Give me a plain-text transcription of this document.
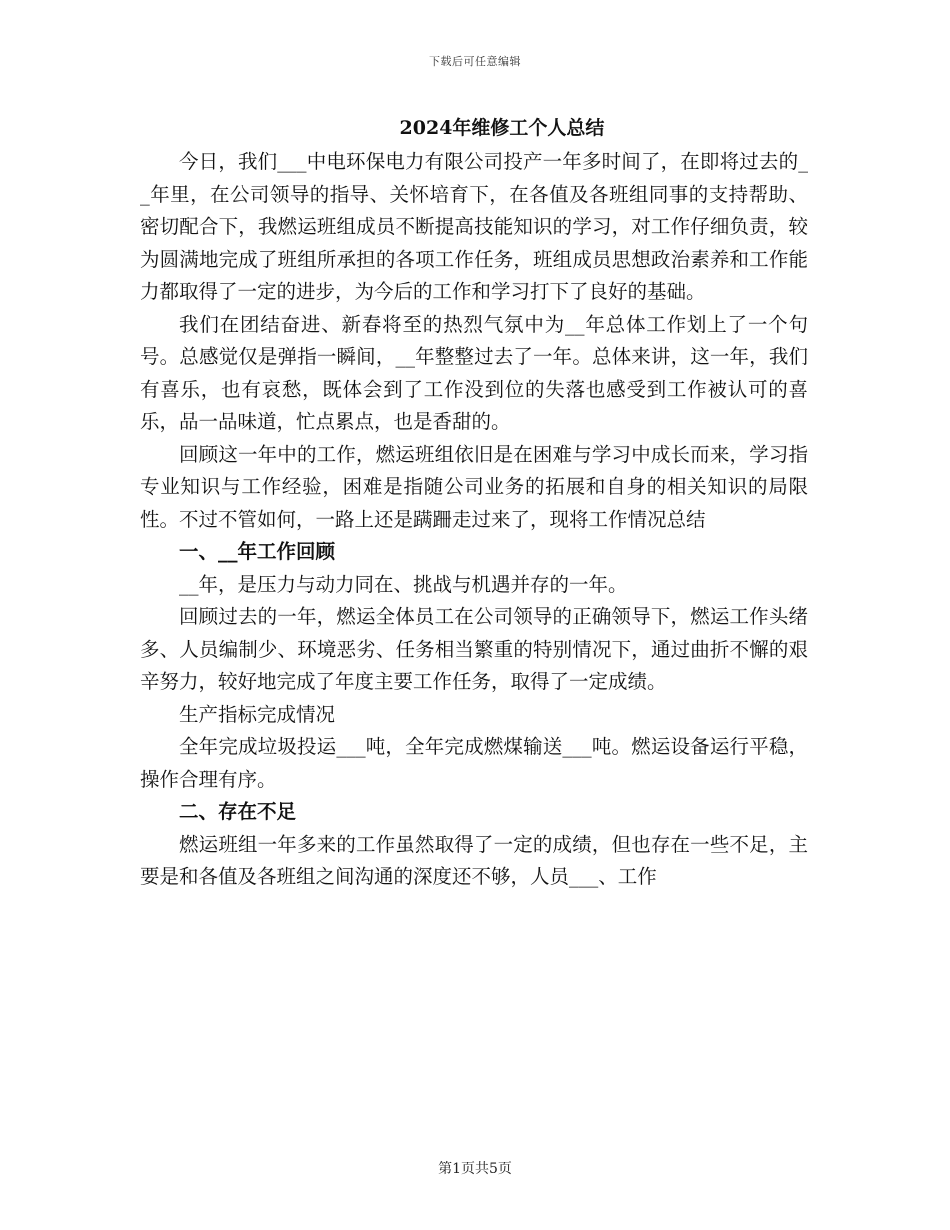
下载后可任意编辑
2024年维修工个人总结

今日，我们___中电环保电力有限公司投产一年多时间了，在即将过去的__年里，在公司领导的指导、关怀培育下，在各值及各班组同事的支持帮助、密切配合下，我燃运班组成员不断提高技能知识的学习，对工作仔细负责，较为圆满地完成了班组所承担的各项工作任务，班组成员思想政治素养和工作能力都取得了一定的进步，为今后的工作和学习打下了良好的基础。

我们在团结奋进、新春将至的热烈气氛中为__年总体工作划上了一个句号。总感觉仅是弹指一瞬间，__年整整过去了一年。总体来讲，这一年，我们有喜乐，也有哀愁，既体会到了工作没到位的失落也感受到工作被认可的喜乐，品一品味道，忙点累点，也是香甜的。

回顾这一年中的工作，燃运班组依旧是在困难与学习中成长而来，学习指专业知识与工作经验，困难是指随公司业务的拓展和自身的相关知识的局限性。不过不管如何，一路上还是蹒跚走过来了，现将工作情况总结

一、__年工作回顾

__年，是压力与动力同在、挑战与机遇并存的一年。

回顾过去的一年，燃运全体员工在公司领导的正确领导下，燃运工作头绪多、人员编制少、环境恶劣、任务相当繁重的特别情况下，通过曲折不懈的艰辛努力，较好地完成了年度主要工作任务，取得了一定成绩。

生产指标完成情况

全年完成垃圾投运___吨，全年完成燃煤输送___吨。燃运设备运行平稳，操作合理有序。

二、存在不足

燃运班组一年多来的工作虽然取得了一定的成绩，但也存在一些不足，主要是和各值及各班组之间沟通的深度还不够，人员___、工作

第1页共5页
